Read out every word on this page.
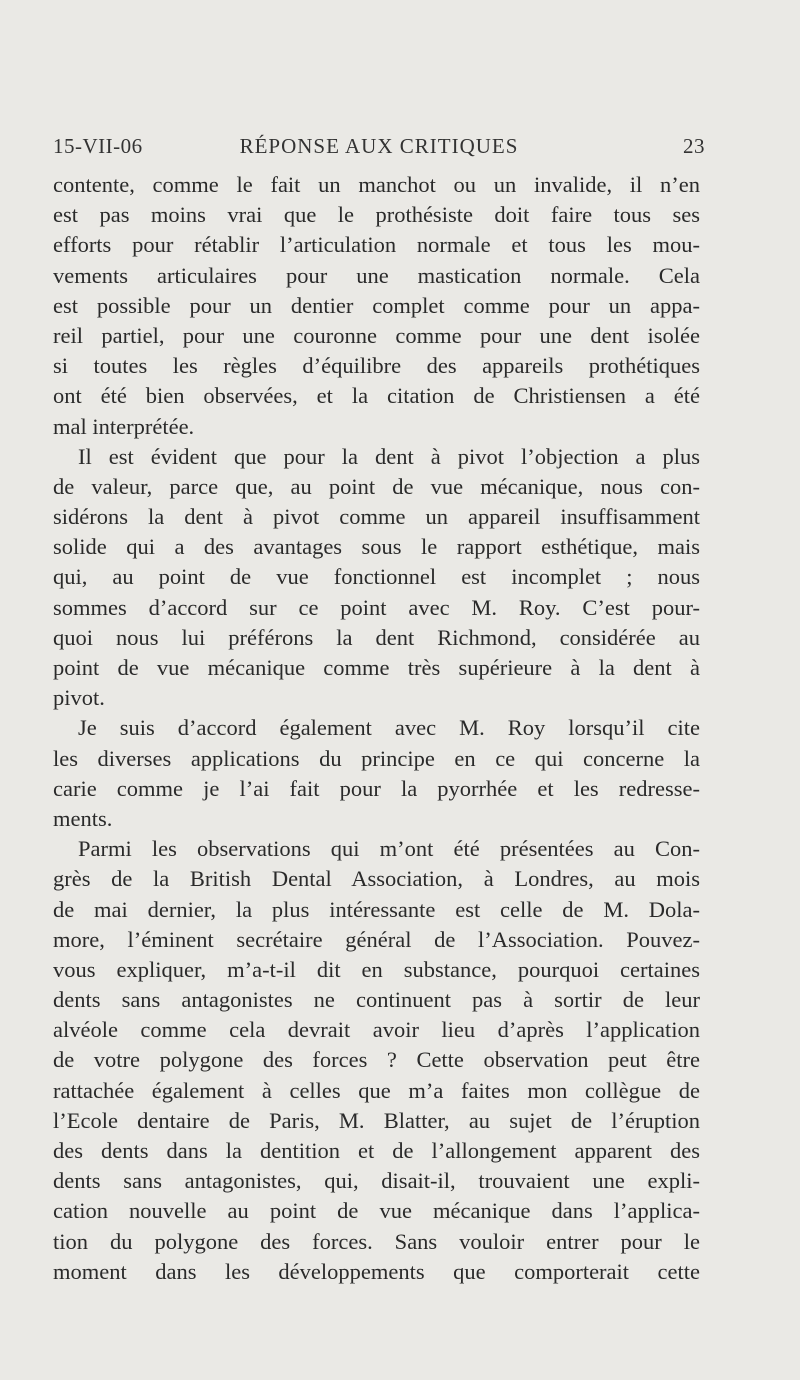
15-VII-06	RÉPONSE AUX CRITIQUES	23
contente, comme le fait un manchot ou un invalide, il n’en
est pas moins vrai que le prothésiste doit faire tous ses
efforts pour rétablir l’articulation normale et tous les mou-
vements articulaires pour une mastication normale. Cela
est possible pour un dentier complet comme pour un appa-
reil partiel, pour une couronne comme pour une dent isolée
si toutes les règles d’équilibre des appareils prothétiques
ont été bien observées, et la citation de Christiensen a été
mal interprétée.
Il est évident que pour la dent à pivot l’objection a plus
de valeur, parce que, au point de vue mécanique, nous con-
sidérons la dent à pivot comme un appareil insuffisamment
solide qui a des avantages sous le rapport esthétique, mais
qui, au point de vue fonctionnel est incomplet ; nous
sommes d’accord sur ce point avec M. Roy. C’est pour-
quoi nous lui préférons la dent Richmond, considérée au
point de vue mécanique comme très supérieure à la dent à
pivot.
Je suis d’accord également avec M. Roy lorsqu’il cite
les diverses applications du principe en ce qui concerne la
carie comme je l’ai fait pour la pyorrhée et les redresse-
ments.
Parmi les observations qui m’ont été présentées au Con-
grès de la British Dental Association, à Londres, au mois
de mai dernier, la plus intéressante est celle de M. Dola-
more, l’éminent secrétaire général de l’Association. Pouvez-
vous expliquer, m’a-t-il dit en substance, pourquoi certaines
dents sans antagonistes ne continuent pas à sortir de leur
alvéole comme cela devrait avoir lieu d’après l’application
de votre polygone des forces ? Cette observation peut être
rattachée également à celles que m’a faites mon collègue de
l’Ecole dentaire de Paris, M. Blatter, au sujet de l’éruption
des dents dans la dentition et de l’allongement apparent des
dents sans antagonistes, qui, disait-il, trouvaient une expli-
cation nouvelle au point de vue mécanique dans l’applica-
tion du polygone des forces. Sans vouloir entrer pour le
moment dans les développements que comporterait cette
